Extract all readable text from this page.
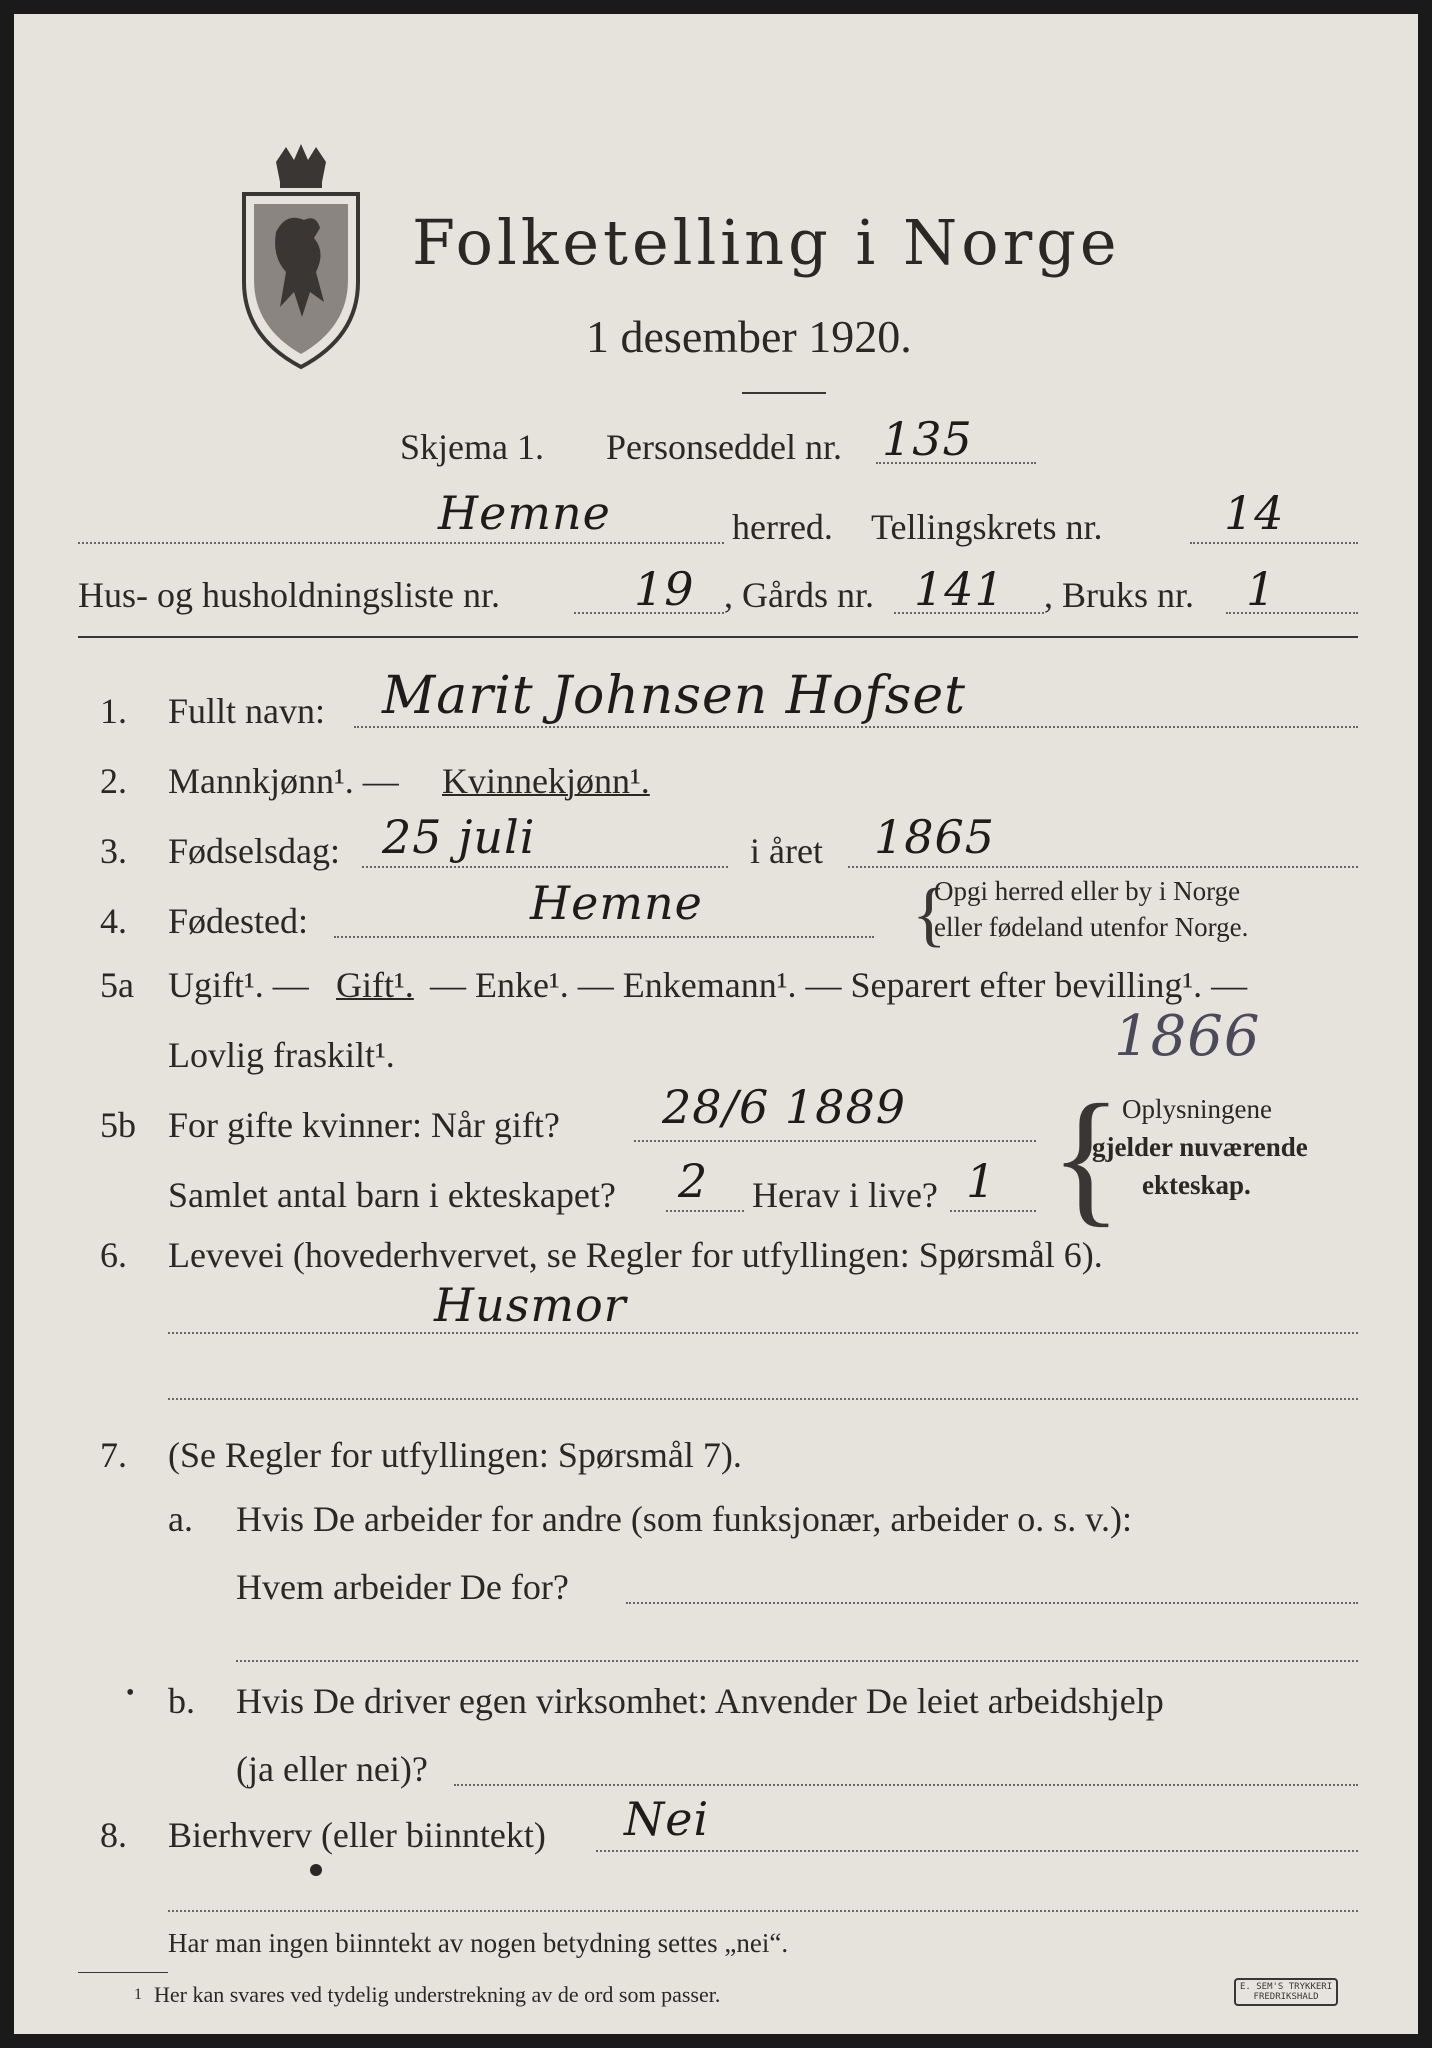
Folketelling i Norge
1 desember 1920.
Skjema 1. Personseddel nr. 135
Hemne	herred. Tellingskrets nr.	14
Hus- og husholdningsliste nr.	19 , Gårds nr. 141 , Bruks nr. 1
1. Fullt navn: Marit Johnsen Hofset
2. Mannkjønn¹. — Kvinnekjønn¹.
3. Fødselsdag: 25 juli	i året 1865
4. Fødested:	Hemne	{
Opgi herred eller by i Norge
eller fødeland utenfor Norge.
5a Ugift¹. — Gift¹. — Enke¹. — Enkemann¹. — Separert efter bevilling¹. —
Lovlig fraskilt¹.	1866
5b For gifte kvinner: Når gift? 28/6 1889
Samlet antal barn i ekteskapet? 2 Herav i live? 1 { Oplysningene
gjelder nuværende
ekteskap.
6. Levevei (hovederhvervet, se Regler for utfyllingen: Spørsmål 6).
Husmor
7. (Se Regler for utfyllingen: Spørsmål 7).
a. Hvis De arbeider for andre (som funksjonær, arbeider o. s. v.):
Hvem arbeider De for?
• b. Hvis De driver egen virksomhet: Anvender De leiet arbeidshjelp
(ja eller nei)?
8. Bierhverv (eller biinntekt) Nei
Har man ingen biinntekt av nogen betydning settes „nei“.
1 Her kan svares ved tydelig understrekning av de ord som passer.	E. SEM'S TRYKKERI
FREDRIKSHALD
